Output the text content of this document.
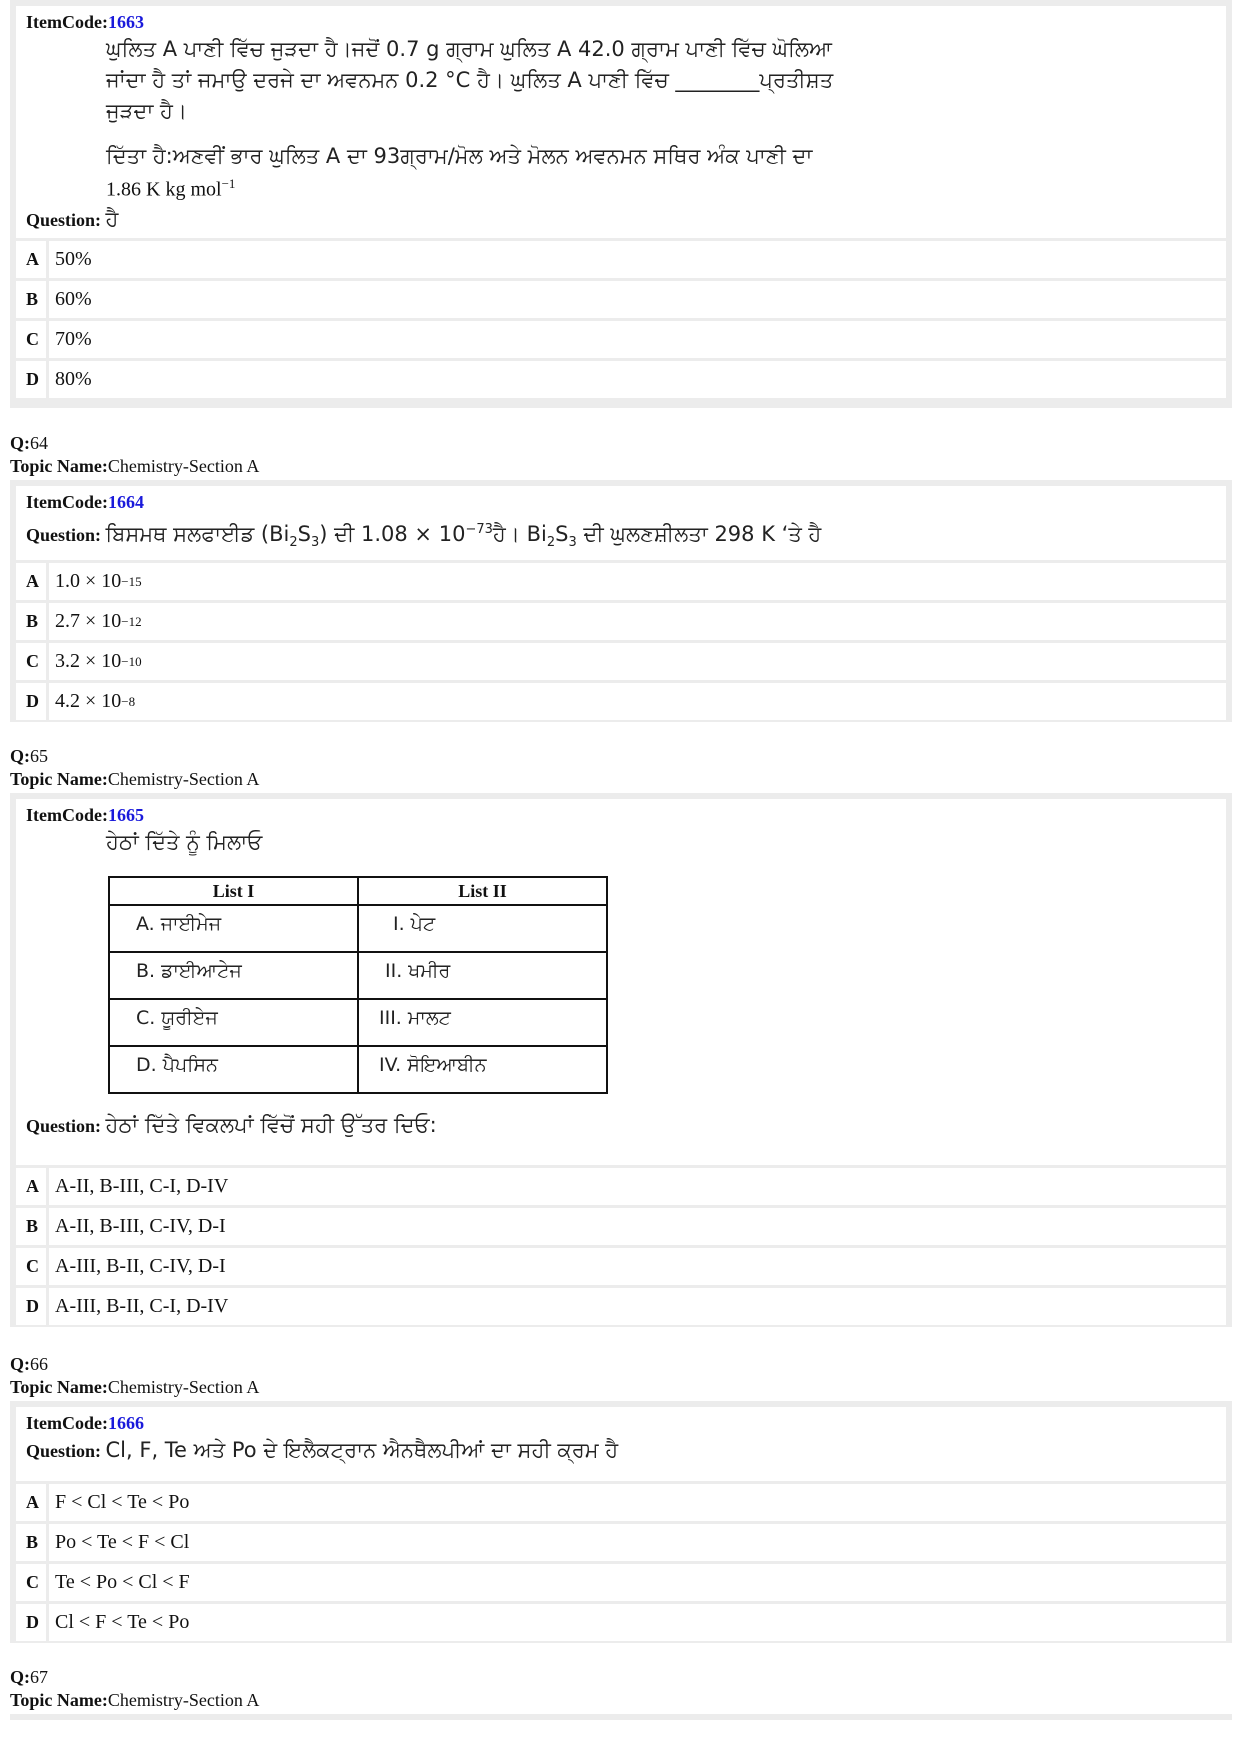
ItemCode:1663
ਘੁਲਿਤ A ਪਾਣੀ ਵਿੱਚ ਜੁੜਦਾ ਹੈ।ਜਦੋਂ 0.7 g ਗ੍ਰਾਮ ਘੁਲਿਤ A 42.0 ਗ੍ਰਾਮ ਪਾਣੀ ਵਿੱਚ ਘੋਲਿਆ
ਜਾਂਦਾ ਹੈ ਤਾਂ ਜਮਾਉ ਦਰਜੇ ਦਾ ਅਵਨਮਨ 0.2 °C ਹੈ। ਘੁਲਿਤ A ਪਾਣੀ ਵਿੱਚ ________ਪ੍ਰਤੀਸ਼ਤ
ਜੁੜਦਾ ਹੈ।
ਦਿੱਤਾ ਹੈ:ਅਣਵੀਂ ਭਾਰ ਘੁਲਿਤ A ਦਾ 93ਗ੍ਰਾਮ/ਮੋਲ ਅਤੇ ਮੋਲਨ ਅਵਨਮਨ ਸਥਿਰ ਅੰਕ ਪਾਣੀ ਦਾ
1.86 K kg mol$^{-1}$
Question: ਹੈ
A 50%
B 60%
C 70%
D 80%
Q:64
Topic Name:Chemistry-Section A
ItemCode:1664
Question: ਬਿਸਮਥ ਸਲਫਾਈਡ $(Bi_2S_3)$ ਦੀ $1.08 \times 10^{-73}ਹੈ।$ $Bi_2S_3$ ਦੀ ਘੁਲਣਸ਼ੀਲਤਾ 298 K ‘ਤੇ ਹੈ
A 1.0 × 10 −15
B 2.7 × 10 −12
C 3.2 × 10 −10
D 4.2 × 10 −8
Q:65
Topic Name:Chemistry-Section A
ItemCode:1665
ਹੇਠਾਂ ਦਿੱਤੇ ਨੂੰ ਮਿਲਾਓ
List I	List II
A. ਜਾਈਮੇਜ	I. ਪੇਟ
B. ਡਾਈਆਟੇਜ	II. ਖਮੀਰ
C. ਯੂਰੀਏਜ	III. ਮਾਲਟ
D. ਪੈਪਸਿਨ	IV. ਸੋਇਆਬੀਨ
Question: ਹੇਠਾਂ ਦਿੱਤੇ ਵਿਕਲਪਾਂ ਵਿੱਚੋਂ ਸਹੀ ਉੱਤਰ ਦਿਓ:
A A-II, B-III, C-I, D-IV
B A-II, B-III, C-IV, D-I
C A-III, B-II, C-IV, D-I
D A-III, B-II, C-I, D-IV
Q:66
Topic Name:Chemistry-Section A
ItemCode:1666
Question: Cl, F, Te ਅਤੇ Po ਦੇ ਇਲੈਕਟ੍ਰਾਨ ਐਨਥੈਲਪੀਆਂ ਦਾ ਸਹੀ ਕ੍ਰਮ ਹੈ
A F < Cl < Te < Po
B Po < Te < F < Cl
C Te < Po < Cl < F
D Cl < F < Te < Po
Q:67
Topic Name:Chemistry-Section A
